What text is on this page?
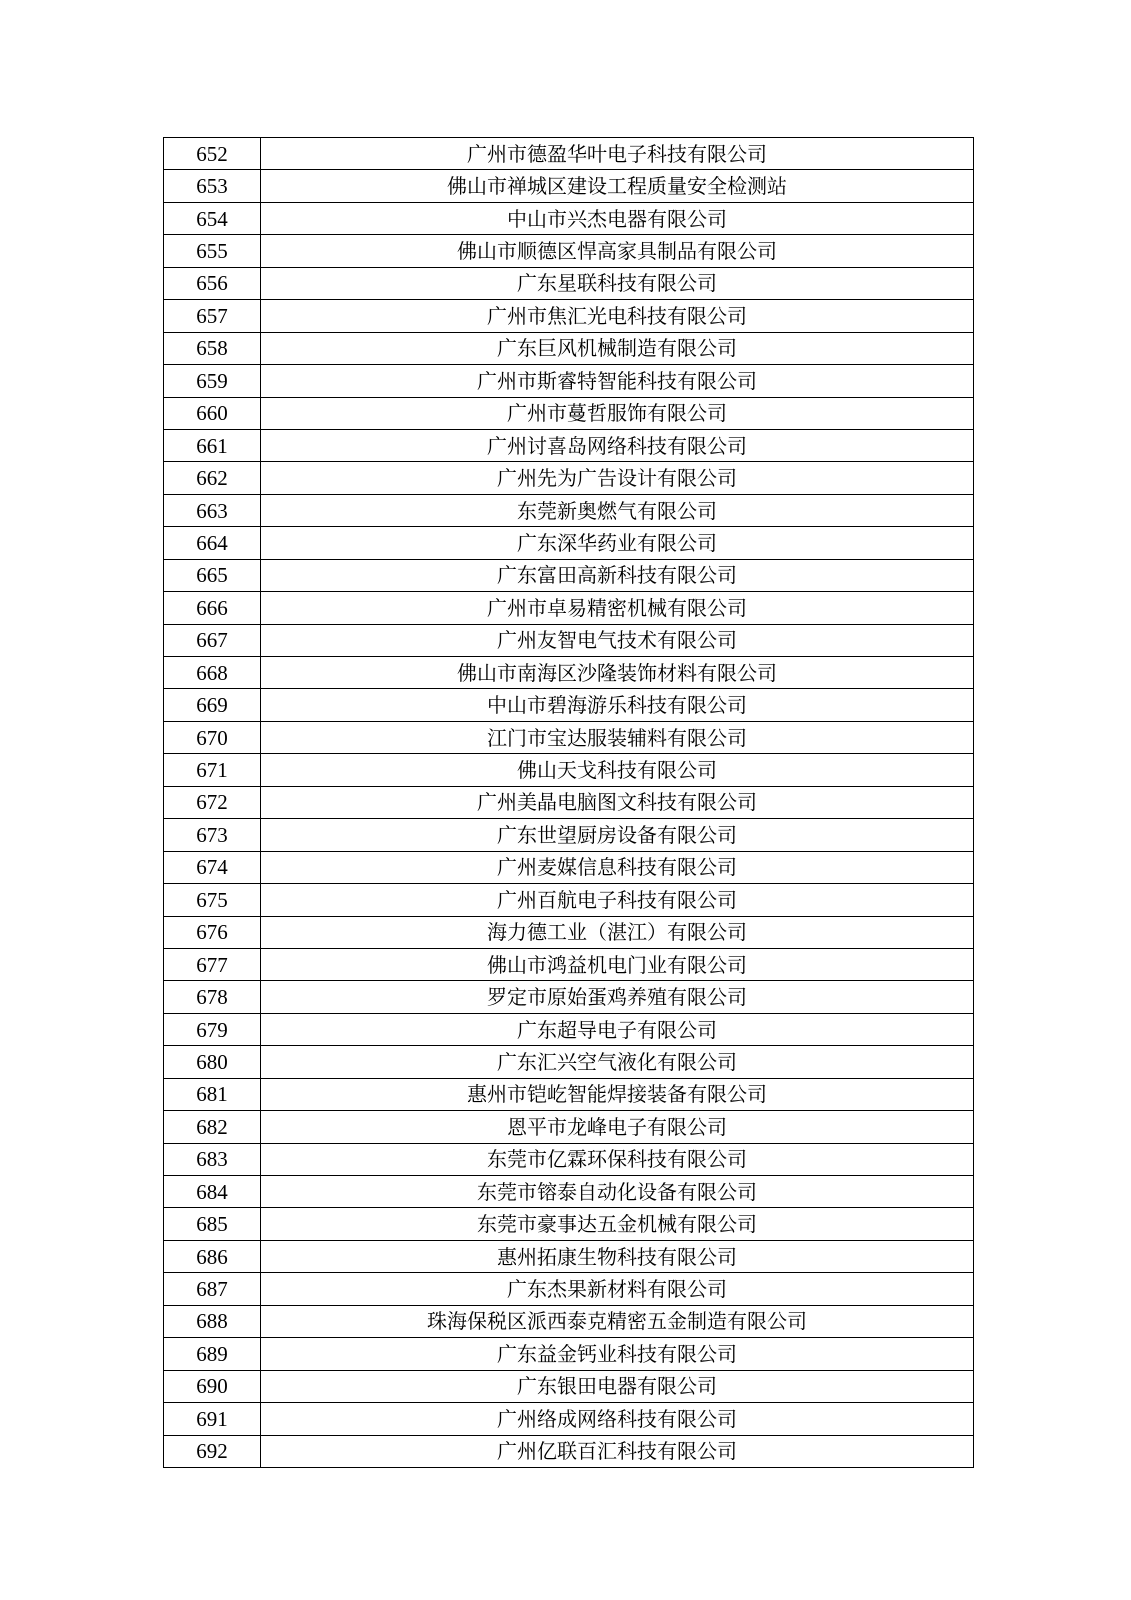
652	广州市德盈华叶电子科技有限公司
653	佛山市禅城区建设工程质量安全检测站
654	中山市兴杰电器有限公司
655	佛山市顺德区悍高家具制品有限公司
656	广东星联科技有限公司
657	广州市焦汇光电科技有限公司
658	广东巨风机械制造有限公司
659	广州市斯睿特智能科技有限公司
660	广州市蔓哲服饰有限公司
661	广州讨喜岛网络科技有限公司
662	广州先为广告设计有限公司
663	东莞新奥燃气有限公司
664	广东深华药业有限公司
665	广东富田高新科技有限公司
666	广州市卓易精密机械有限公司
667	广州友智电气技术有限公司
668	佛山市南海区沙隆装饰材料有限公司
669	中山市碧海游乐科技有限公司
670	江门市宝达服装辅料有限公司
671	佛山天戈科技有限公司
672	广州美晶电脑图文科技有限公司
673	广东世望厨房设备有限公司
674	广州麦媒信息科技有限公司
675	广州百航电子科技有限公司
676	海力德工业（湛江）有限公司
677	佛山市鸿益机电门业有限公司
678	罗定市原始蛋鸡养殖有限公司
679	广东超导电子有限公司
680	广东汇兴空气液化有限公司
681	惠州市铠屹智能焊接装备有限公司
682	恩平市龙峰电子有限公司
683	东莞市亿霖环保科技有限公司
684	东莞市镕泰自动化设备有限公司
685	东莞市豪事达五金机械有限公司
686	惠州拓康生物科技有限公司
687	广东杰果新材料有限公司
688	珠海保税区派西泰克精密五金制造有限公司
689	广东益金钙业科技有限公司
690	广东银田电器有限公司
691	广州络成网络科技有限公司
692	广州亿联百汇科技有限公司
